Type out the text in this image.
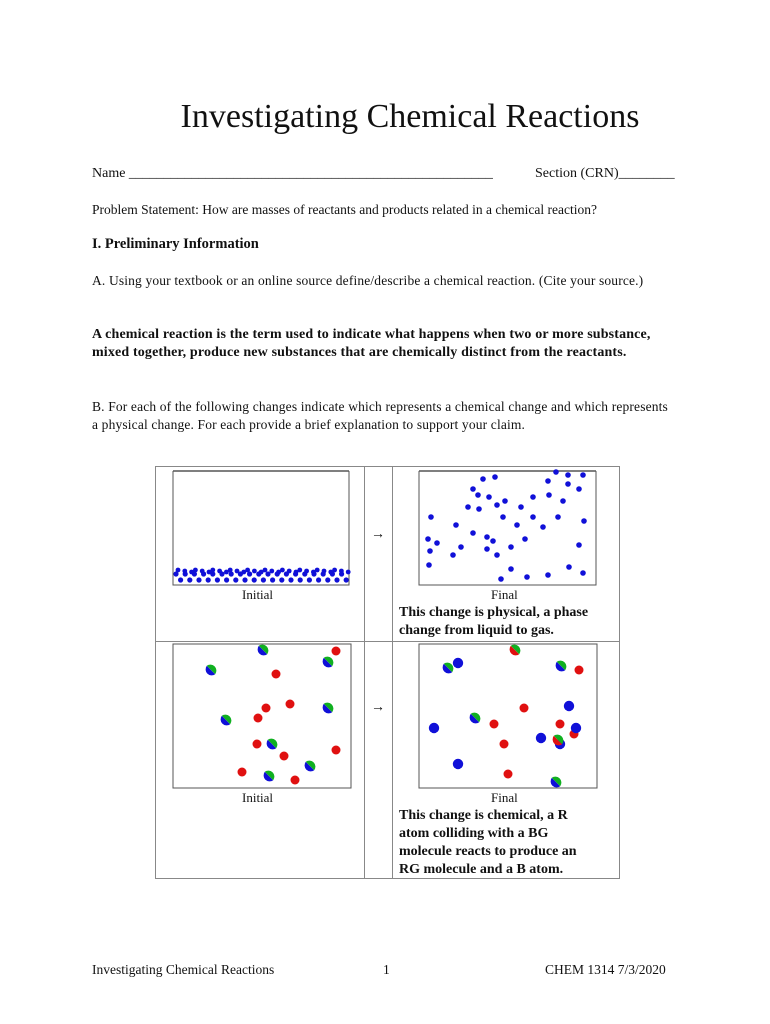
Investigating Chemical Reactions
Name ____________________________________________________	Section (CRN)________
Problem Statement: How are masses of reactants and products related in a chemical reaction?
I. Preliminary Information
A. Using your textbook or an online source define/describe a chemical reaction. (Cite your source.)
A chemical reaction is the term used to indicate what happens when two or more substance, mixed together, produce new substances that are chemically distinct from the reactants.
B. For each of the following changes indicate which represents a chemical change and which represents a physical change. For each provide a brief explanation to support your claim.
Initial	→	Final
This change is physical, a phase change from liquid to gas.

Initial	→	Final
This change is chemical, a R atom colliding with a BG molecule reacts to produce an RG molecule and a B atom.
Investigating Chemical Reactions	1	CHEM 1314 7/3/2020
